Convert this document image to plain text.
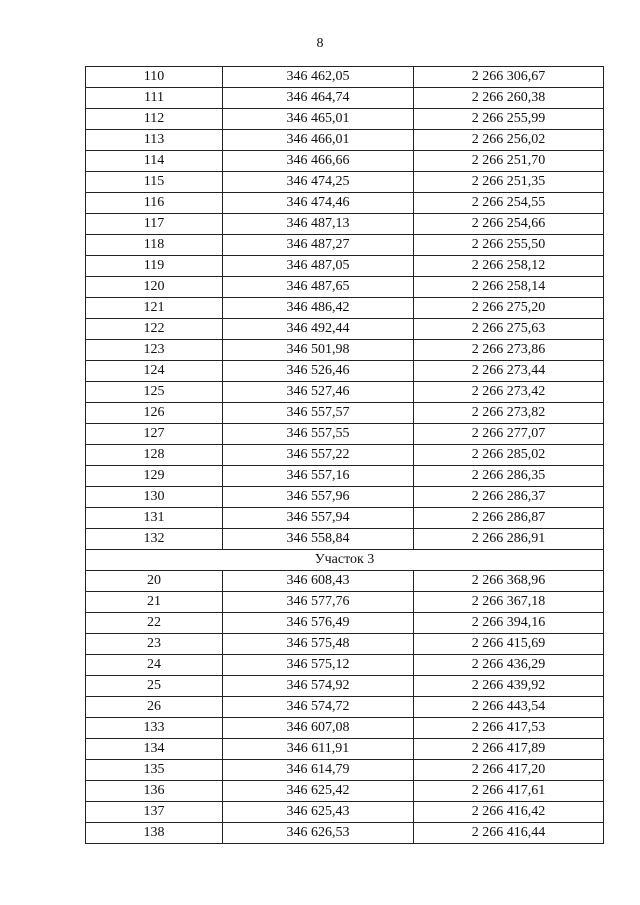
8
110	346 462,05	2 266 306,67
111	346 464,74	2 266 260,38
112	346 465,01	2 266 255,99
113	346 466,01	2 266 256,02
114	346 466,66	2 266 251,70
115	346 474,25	2 266 251,35
116	346 474,46	2 266 254,55
117	346 487,13	2 266 254,66
118	346 487,27	2 266 255,50
119	346 487,05	2 266 258,12
120	346 487,65	2 266 258,14
121	346 486,42	2 266 275,20
122	346 492,44	2 266 275,63
123	346 501,98	2 266 273,86
124	346 526,46	2 266 273,44
125	346 527,46	2 266 273,42
126	346 557,57	2 266 273,82
127	346 557,55	2 266 277,07
128	346 557,22	2 266 285,02
129	346 557,16	2 266 286,35
130	346 557,96	2 266 286,37
131	346 557,94	2 266 286,87
132	346 558,84	2 266 286,91
Участок 3		
20	346 608,43	2 266 368,96
21	346 577,76	2 266 367,18
22	346 576,49	2 266 394,16
23	346 575,48	2 266 415,69
24	346 575,12	2 266 436,29
25	346 574,92	2 266 439,92
26	346 574,72	2 266 443,54
133	346 607,08	2 266 417,53
134	346 611,91	2 266 417,89
135	346 614,79	2 266 417,20
136	346 625,42	2 266 417,61
137	346 625,43	2 266 416,42
138	346 626,53	2 266 416,44
